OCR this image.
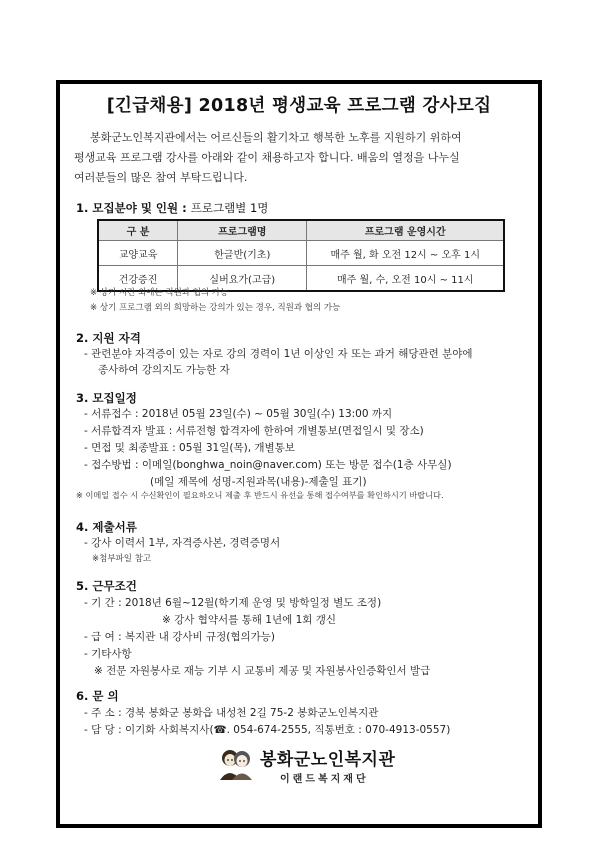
[긴급채용] 2018년 평생교육 프로그램 강사모집
봉화군노인복지관에서는 어르신들의 활기차고 행복한 노후를 지원하기 위하여
평생교육 프로그램 강사를 아래와 같이 채용하고자 합니다. 배움의 열정을 나누실
여러분들의 많은 참여 부탁드립니다.
1. 모집분야 및 인원 : 프로그램별 1명
구 분	프로그램명	프로그램 운영시간
교양교육	한글반(기초)	매주 월, 화 오전 12시 ~ 오후 1시
건강증진	실버요가(고급)	매주 월, 수, 오전 10시 ~ 11시
※ 상기 시간 외에는 직원과 협의 가능
※ 상기 프로그램 외의 희망하는 강의가 있는 경우, 직원과 협의 가능
2. 지원 자격
- 관련분야 자격증이 있는 자로 강의 경력이 1년 이상인 자 또는 과거 해당관련 분야에
종사하여 강의지도 가능한 자
3. 모집일정
- 서류접수 : 2018년 05월 23일(수) ~ 05월 30일(수) 13:00 까지
- 서류합격자 발표 : 서류전형 합격자에 한하여 개별통보(면접일시 및 장소)
- 면접 및 최종발표 : 05월 31일(목), 개별통보
- 접수방법 : 이메일(bonghwa_noin@naver.com) 또는 방문 접수(1층 사무실)
(메일 제목에 성명-지원과목(내용)-제출일 표기)
※ 이메일 접수 시 수신확인이 필요하오니 제출 후 반드시 유선을 통해 접수여부를 확인하시기 바랍니다.
4. 제출서류
- 강사 이력서 1부, 자격증사본, 경력증명서
※첨부파일 참고
5. 근무조건
- 기 간 : 2018년 6월~12월(학기제 운영 및 방학일정 별도 조정)
※ 강사 협약서를 통해 1년에 1회 갱신
- 급 여 : 복지관 내 강사비 규정(협의가능)
- 기타사항
※ 전문 자원봉사로 재능 기부 시 교통비 제공 및 자원봉사인증확인서 발급
6. 문 의
- 주 소 : 경북 봉화군 봉화읍 내성천 2길 75-2 봉화군노인복지관
- 담 당 : 이기화 사회복지사(☎. 054-674-2555, 직통번호 : 070-4913-0557)
봉화군노인복지관
이랜드복지재단
